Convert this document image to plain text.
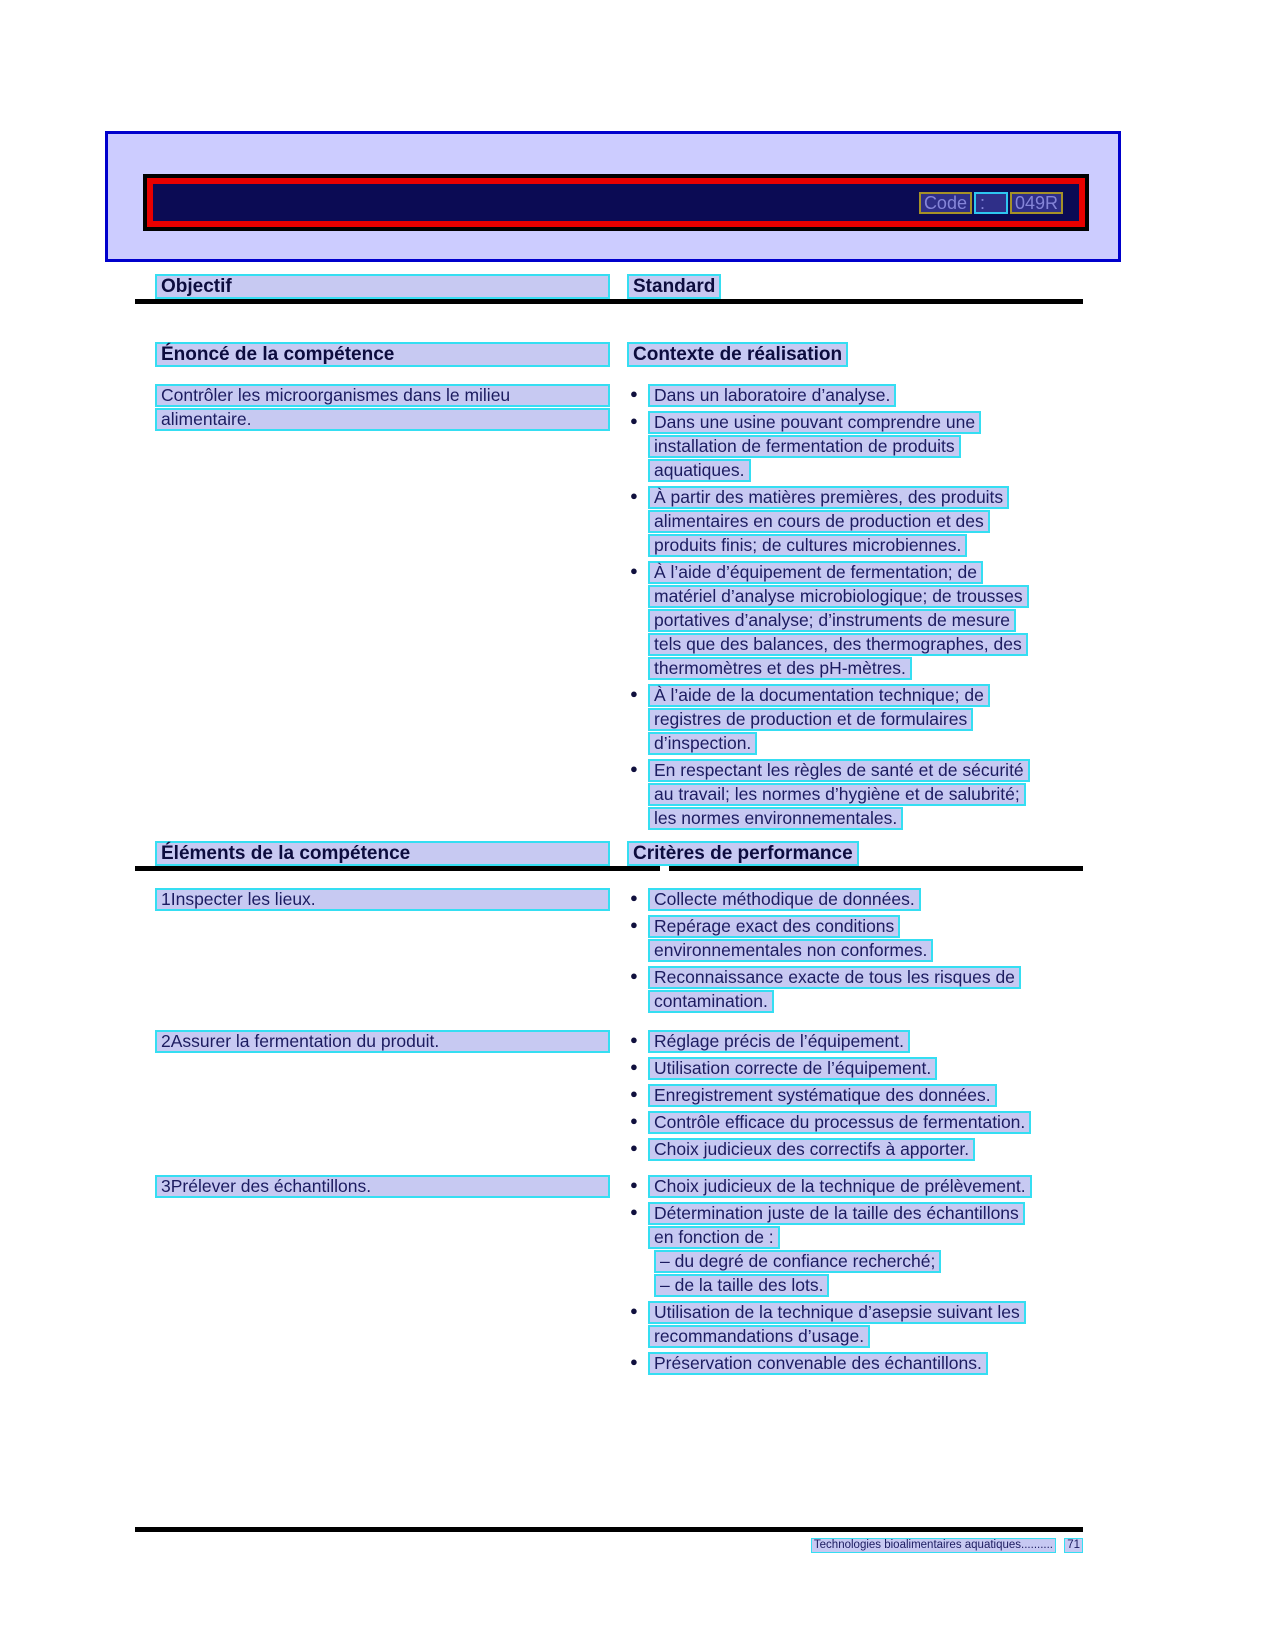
Code :	049R
Objectif	Standard
Énoncé de la compétence	Contexte de réalisation
Contrôler les microorganismes dans le milieu
alimentaire.
● Dans un laboratoire d’analyse.
● Dans une usine pouvant comprendre une
installation de fermentation de produits
aquatiques.
● À partir des matières premières, des produits
alimentaires en cours de production et des
produits finis; de cultures microbiennes.
● À l’aide d’équipement de fermentation; de
matériel d’analyse microbiologique; de trousses
portatives d’analyse; d’instruments de mesure
tels que des balances, des thermographes, des
thermomètres et des pH-mètres.
● À l’aide de la documentation technique; de
registres de production et de formulaires
d’inspection.
● En respectant les règles de santé et de sécurité
au travail; les normes d’hygiène et de salubrité;
les normes environnementales.
Éléments de la compétence	Critères de performance
1Inspecter les lieux.	● Collecte méthodique de données.
● Repérage exact des conditions
environnementales non conformes.
● Reconnaissance exacte de tous les risques de
contamination.
2Assurer la fermentation du produit.	● Réglage précis de l’équipement.
● Utilisation correcte de l’équipement.
● Enregistrement systématique des données.
● Contrôle efficace du processus de fermentation.
● Choix judicieux des correctifs à apporter.
3Prélever des échantillons.	● Choix judicieux de la technique de prélèvement.
● Détermination juste de la taille des échantillons
en fonction de :
– du degré de confiance recherché;
– de la taille des lots.
● Utilisation de la technique d’asepsie suivant les
recommandations d’usage.
● Préservation convenable des échantillons.
Technologies bioalimentaires aquatiques.......... 71
